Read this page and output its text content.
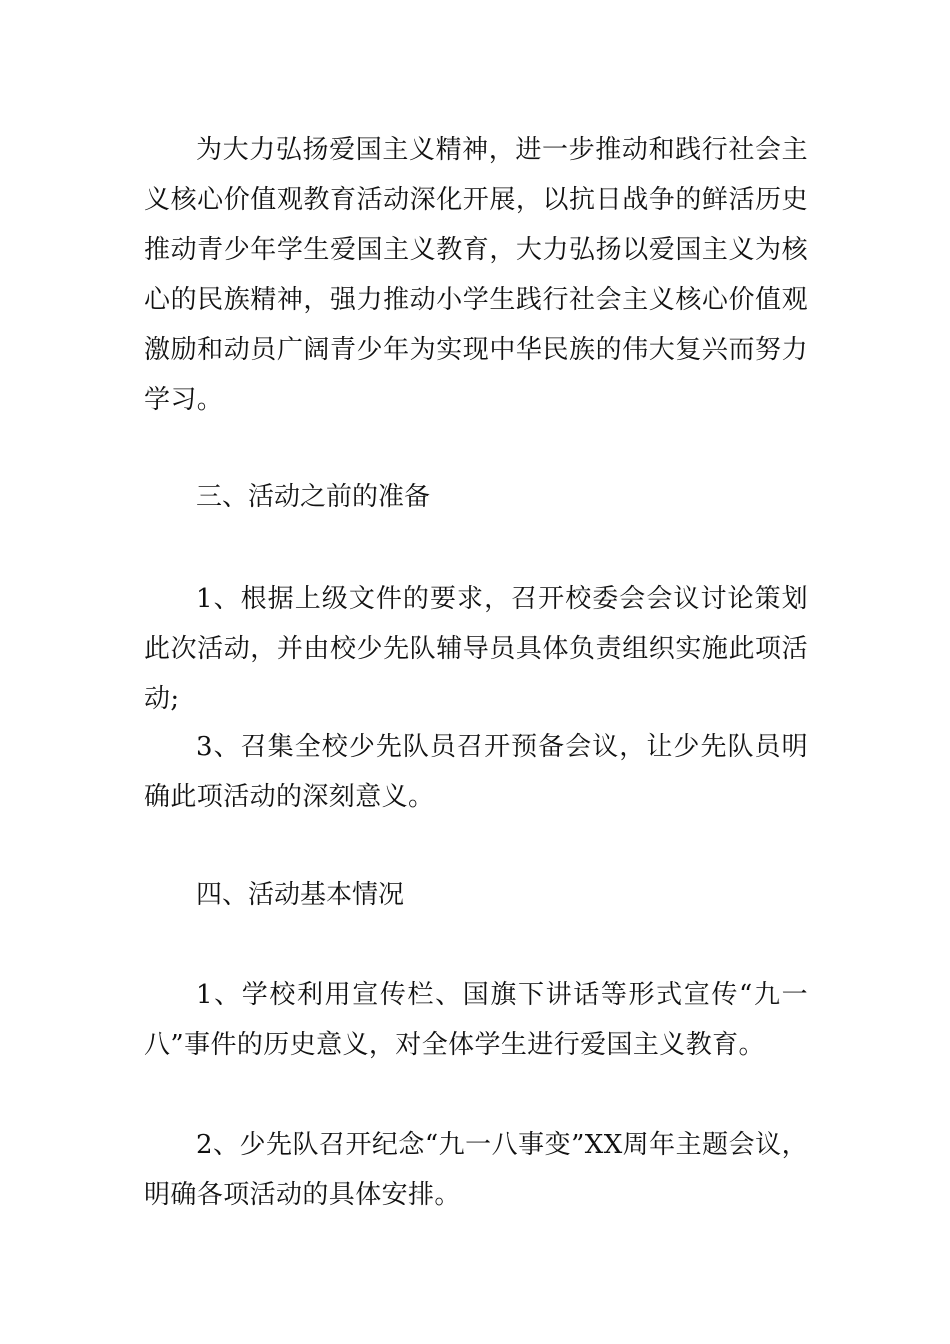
为大力弘扬爱国主义精神，进一步推动和践行社会主义核心价值观教育活动深化开展，以抗日战争的鲜活历史推动青少年学生爱国主义教育，大力弘扬以爱国主义为核心的民族精神，强力推动小学生践行社会主义核心价值观激励和动员广阔青少年为实现中华民族的伟大复兴而努力学习。

三、活动之前的准备

1、根据上级文件的要求，召开校委会会议讨论策划此次活动，并由校少先队辅导员具体负责组织实施此项活动;

3、召集全校少先队员召开预备会议，让少先队员明确此项活动的深刻意义。

四、活动基本情况

1、学校利用宣传栏、国旗下讲话等形式宣传“九一八”事件的历史意义，对全体学生进行爱国主义教育。

2、少先队召开纪念“九一八事变”XX周年主题会议，明确各项活动的具体安排。
